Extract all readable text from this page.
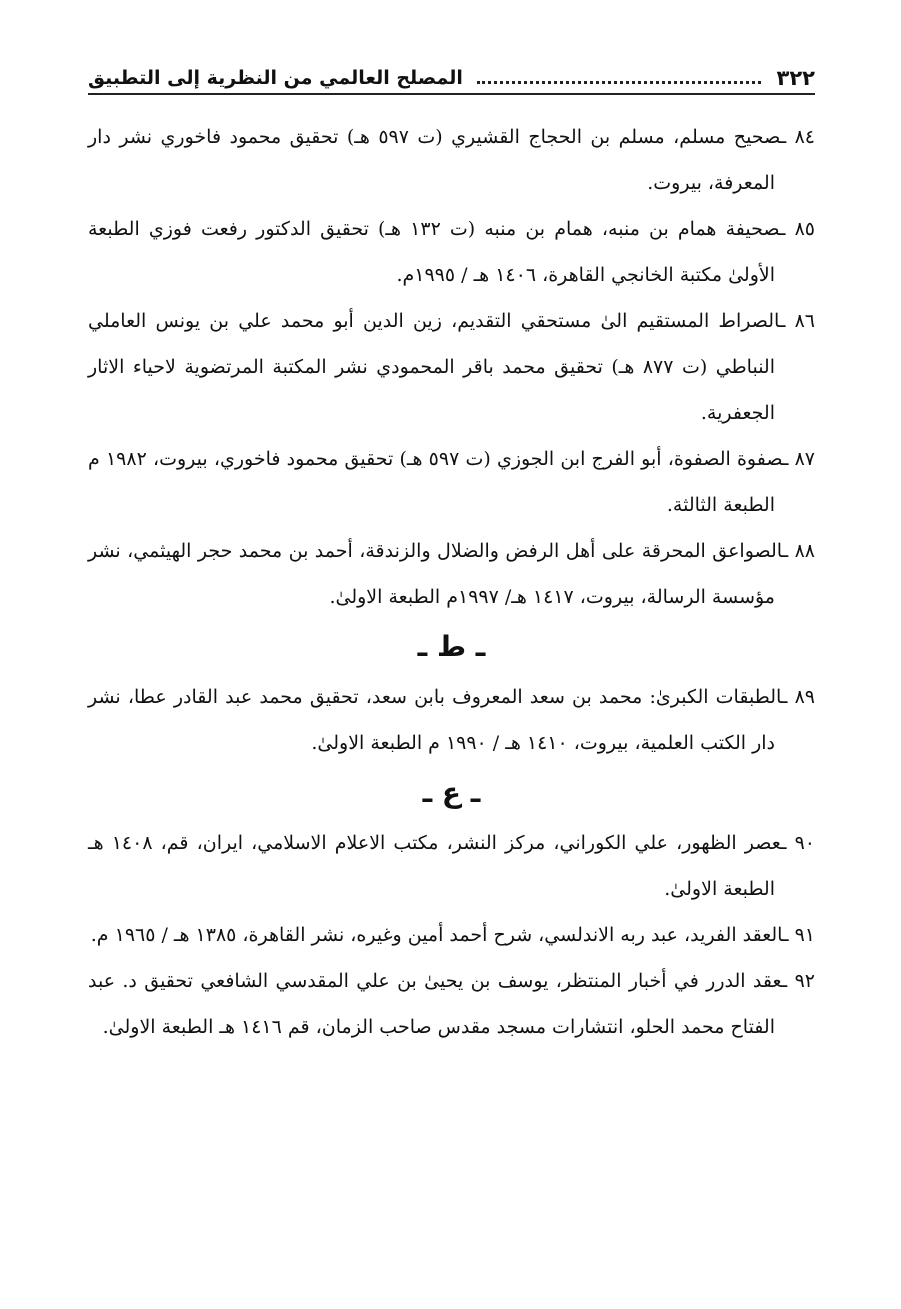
٣٢٢
المصلح العالمي من النظرية إلى التطبيق

٨٤ ـصحيح مسلم، مسلم بن الحجاج القشيري (ت ٥٩٧ هـ) تحقيق محمود فاخوري نشر دار المعرفة، بيروت.

٨٥ ـصحيفة همام بن منبه، همام بن منبه (ت ١٣٢ هـ) تحقيق الدكتور رفعت فوزي الطبعة الأولىٰ مكتبة الخانجي القاهرة، ١٤٠٦ هـ / ١٩٩٥م.

٨٦ ـالصراط المستقيم الىٰ مستحقي التقديم، زين الدين أبو محمد علي بن يونس العاملي النباطي (ت ٨٧٧ هـ) تحقيق محمد باقر المحمودي نشر المكتبة المرتضوية لاحياء الاثار الجعفرية.

٨٧ ـصفوة الصفوة، أبو الفرج ابن الجوزي (ت ٥٩٧ هـ) تحقيق محمود فاخوري، بيروت، ١٩٨٢ م الطبعة الثالثة.

٨٨ ـالصواعق المحرقة على أهل الرفض والضلال والزندقة، أحمد بن محمد حجر الهيثمي، نشر مؤسسة الرسالة، بيروت، ١٤١٧ هـ/ ١٩٩٧م الطبعة الاولىٰ.

ـ ط ـ

٨٩ ـالطبقات الكبرىٰ: محمد بن سعد المعروف بابن سعد، تحقيق محمد عبد القادر عطا، نشر دار الكتب العلمية، بيروت، ١٤١٠ هـ / ١٩٩٠ م الطبعة الاولىٰ.

ـ ع ـ

٩٠ ـعصر الظهور، علي الكوراني، مركز النشر، مكتب الاعلام الاسلامي، ايران، قم، ١٤٠٨ هـ الطبعة الاولىٰ.

٩١ ـالعقد الفريد، عبد ربه الاندلسي، شرح أحمد أمين وغيره، نشر القاهرة، ١٣٨٥ هـ / ١٩٦٥ م.

٩٢ ـعقد الدرر في أخبار المنتظر، يوسف بن يحيىٰ بن علي المقدسي الشافعي تحقيق د. عبد الفتاح محمد الحلو، انتشارات مسجد مقدس صاحب الزمان، قم ١٤١٦ هـ الطبعة الاولىٰ.
